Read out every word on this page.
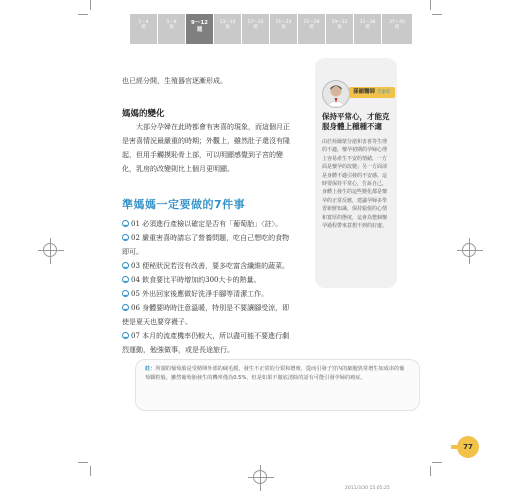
1～4
週
5～8
週
9～12
週
13～16
週
17～20
週
21～24
週
25～28
週
29～32
週
33～36
週
37～40
週
也已經分開，生殖器官逐漸形成。
媽媽的變化
大部分孕婦在此時都會有害喜的現象，而這個月正是害喜情況最嚴重的時期；外觀上，雖然肚子還沒有隆起，但用手觸摸恥骨上部，可以明顯感覺到子宮的變化，乳房的改變則比上個月更明顯。
準媽媽一定要做的7件事
01 必須進行產檢以確定是否有「葡萄胎」〈註〉。
02 嚴重害喜時請忘了營養問題，吃自己想吃的食物即可。
03 便秘狀況若沒有改善，要多吃富含纖維的蔬菜。
04 飲食要比平時增加約300大卡的熱量。
05 外出回家後應做好洗淨手腳等清潔工作。
06 身體要時時注意溫暖，特別是不要讓腳受涼，即使是夏天也要穿襪子。
07 本月的流產機率仍較大，所以盡可能不要進行劇烈運動，勉強做事，或是長途旅行。
孫韻醫師 告訴你
保持平常心，才能克服身體上種種不適
由於荷爾蒙分泌和害喜等生理的不適，懷孕初期的孕婦心理上容易產生不安的情緒，一方面是懷孕的改變；另一方面卻是身體不適引發的不安感。這時要保持平常心，告訴自己，身體上發生的這些變化都是懷孕的正常反應，建議孕婦多學習新鮮知識，保持愉悅的心情和寬厚的態度，這會為整個懷孕過程帶來意想不到的好處。
註：所謂的葡萄胎是受精卵外部的絨毛膜，發生不正常的分裂和增殖，從而引發子宮內的細胞異常增生如成串的葡萄顆粒般。雖然葡萄胎發生的機率僅為0.5%，但是如果不徹底清除的話有可能引發孕婦的癌症。
77
2011/3/30 15:05:25
